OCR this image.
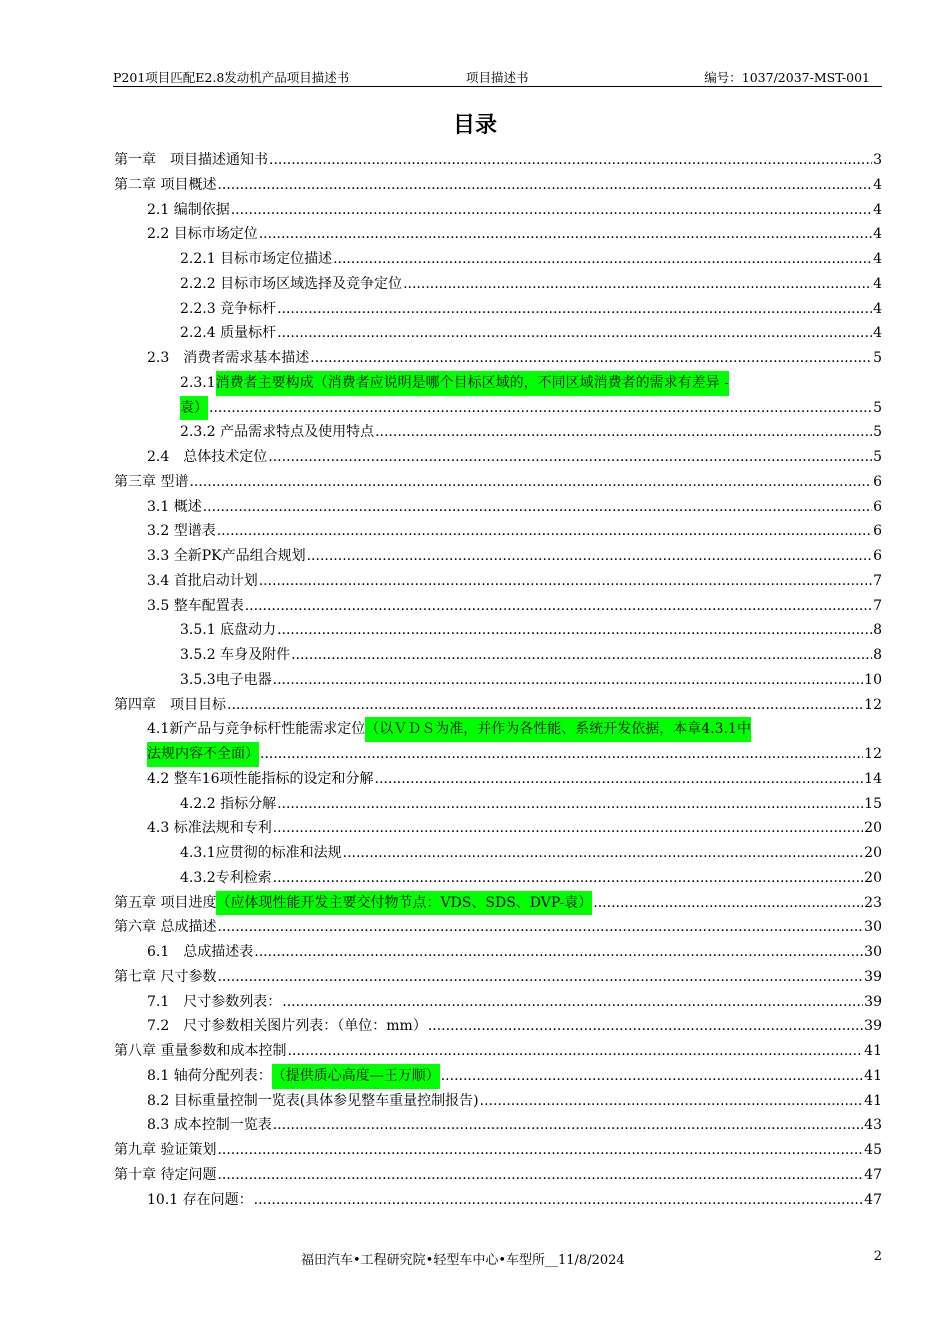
P201项目匹配E2.8发动机产品项目描述书	项目描述书	编号：1037/2037-MST-001
目录
第一章　项目描述通知书 .....	3
第二章 项目概述 .....	4
2.1 编制依据 .....	4
2.2 目标市场定位 .....	4
2.2.1 目标市场定位描述 .....	4
2.2.2 目标市场区域选择及竞争定位 .....	4
2.2.3 竞争标杆 .....	4
2.2.4 质量标杆 .....	4
2.3　消费者需求基本描述 .....	5
2.3.1 消费者主要构成（消费者应说明是哪个目标区域的，不同区域消费者的需求有差异 -
袁） .....	5
2.3.2 产品需求特点及使用特点 .....	5
2.4　总体技术定位 .....	5
第三章 型谱 .....	6
3.1 概述 .....	6
3.2 型谱表 .....	6
3.3 全新PK产品组合规划 .....	6
3.4 首批启动计划 .....	7
3.5 整车配置表 .....	7
3.5.1 底盘动力 .....	8
3.5.2 车身及附件 .....	8
3.5.3电子电器 .....	10
第四章　项目目标 .....	12
4.1新产品与竞争标杆性能需求定位 （以ＶＤＳ为准，并作为各性能、系统开发依据，本章4.3.1中
法规内容不全面） .....	12
4.2 整车16项性能指标的设定和分解 .....	14
4.2.2 指标分解 .....	15
4.3 标准法规和专利 .....	20
4.3.1应贯彻的标准和法规 .....	20
4.3.2专利检索 .....	20
第五章 项目进度 （应体现性能开发主要交付物节点：VDS、SDS、DVP-袁） .....	23
第六章 总成描述 .....	30
6.1　总成描述表 .....	30
第七章 尺寸参数 .....	39
7.1　尺寸参数列表： .....	39
7.2　尺寸参数相关图片列表：（单位：mm） .....	39
第八章 重量参数和成本控制 .....	41
8.1 轴荷分配列表： （提供质心高度—王万顺） .....	41
8.2 目标重量控制一览表(具体参见整车重量控制报告) .....	41
8.3 成本控制一览表 .....	43
第九章 验证策划 .....	45
第十章 待定问题 .....	47
10.1 存在问题： .....	47
福田汽车•工程研究院•轻型车中心•车型所__11/8/2024	2
